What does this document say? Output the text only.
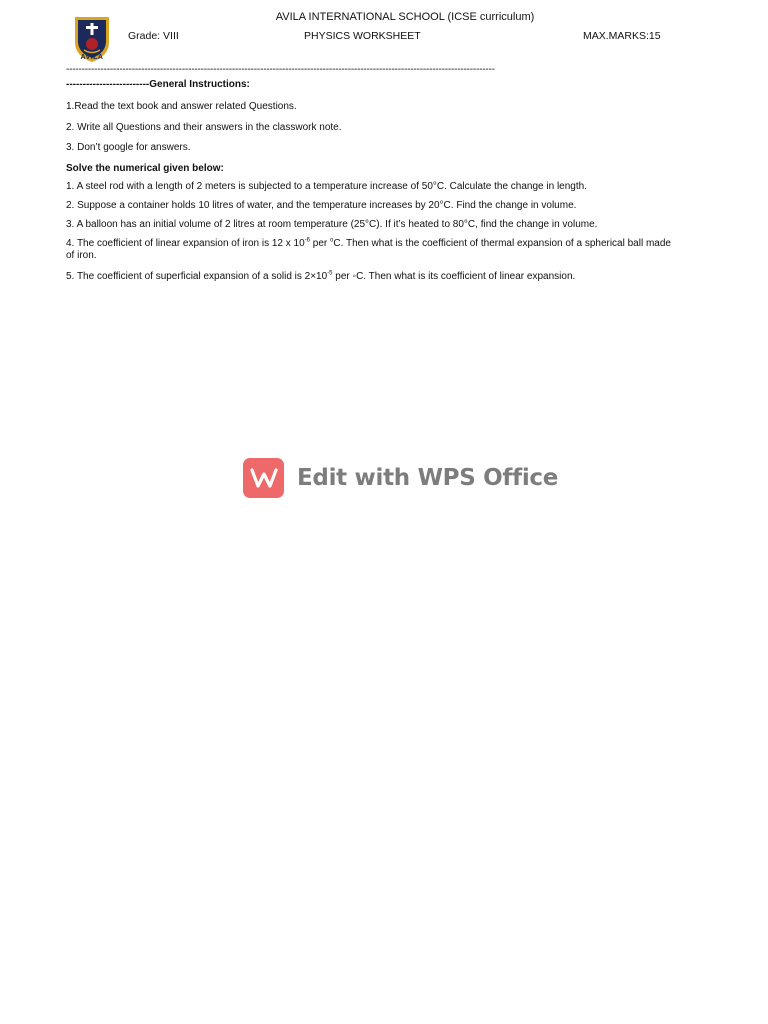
AVILA
AVILA INTERNATIONAL SCHOOL (ICSE curriculum)
Grade: VIII	PHYSICS WORKSHEET	MAX.MARKS:15
-----------------------------------------------------------------------------------------------------------------------------------------
-------------------------General Instructions:
1.Read the text book and answer related Questions.
2. Write all Questions and their answers in the classwork note.
3. Don’t google for answers.
Solve the numerical given below:
1. A steel rod with a length of 2 meters is subjected to a temperature increase of 50°C. Calculate the change in length.
2. Suppose a container holds 10 litres of water, and the temperature increases by 20°C. Find the change in volume.
3. A balloon has an initial volume of 2 litres at room temperature (25°C). If it’s heated to 80°C, find the change in volume.
4. The coefficient of linear expansion of iron is 12 x $10^{-6}$ per $^o$C. Then what is the coefficient of thermal expansion of a spherical ball made of iron.
5. The coefficient of superficial expansion of a solid is $2\times 10^{-5}$ per ◦C. Then what is its coefficient of linear expansion.
Edit with WPS Office
